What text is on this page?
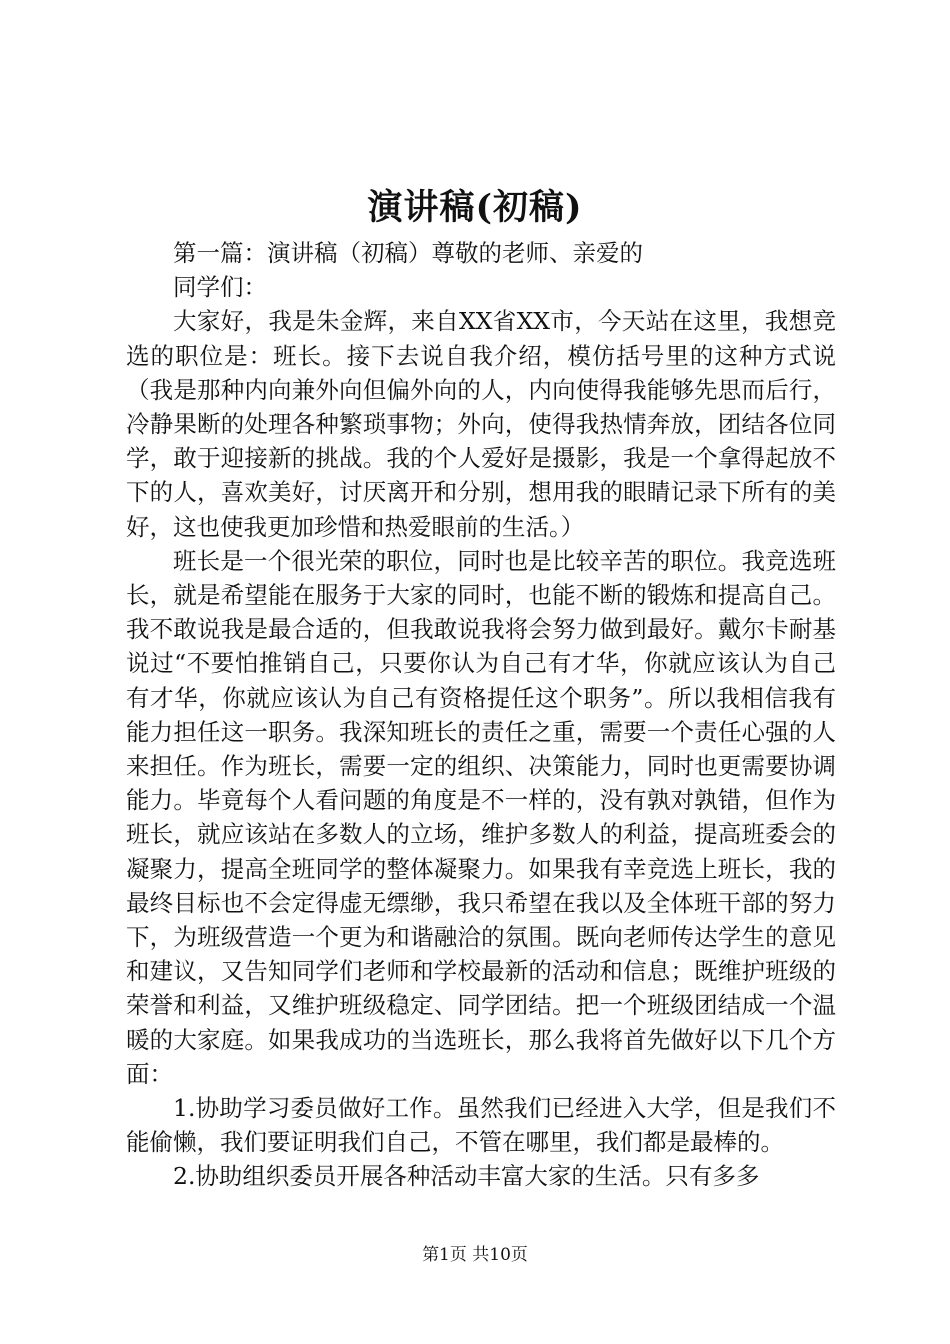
演讲稿(初稿)

第一篇：演讲稿（初稿）尊敬的老师、亲爱的

同学们：

大家好，我是朱金辉，来自XX省XX市，今天站在这里，我想竞选的职位是：班长。接下去说自我介绍，模仿括号里的这种方式说（我是那种内向兼外向但偏外向的人，内向使得我能够先思而后行，冷静果断的处理各种繁琐事物；外向，使得我热情奔放，团结各位同学，敢于迎接新的挑战。我的个人爱好是摄影，我是一个拿得起放不下的人，喜欢美好，讨厌离开和分别，想用我的眼睛记录下所有的美好，这也使我更加珍惜和热爱眼前的生活。）

班长是一个很光荣的职位，同时也是比较辛苦的职位。我竞选班长，就是希望能在服务于大家的同时，也能不断的锻炼和提高自己。我不敢说我是最合适的，但我敢说我将会努力做到最好。戴尔卡耐基说过“不要怕推销自己，只要你认为自己有才华，你就应该认为自己有才华，你就应该认为自己有资格提任这个职务”。所以我相信我有能力担任这一职务。我深知班长的责任之重，需要一个责任心强的人来担任。作为班长，需要一定的组织、决策能力，同时也更需要协调能力。毕竟每个人看问题的角度是不一样的，没有孰对孰错，但作为班长，就应该站在多数人的立场，维护多数人的利益，提高班委会的凝聚力，提高全班同学的整体凝聚力。如果我有幸竞选上班长，我的最终目标也不会定得虚无缥缈，我只希望在我以及全体班干部的努力下，为班级营造一个更为和谐融洽的氛围。既向老师传达学生的意见和建议，又告知同学们老师和学校最新的活动和信息；既维护班级的荣誉和利益，又维护班级稳定、同学团结。把一个班级团结成一个温暖的大家庭。如果我成功的当选班长，那么我将首先做好以下几个方面：

1.协助学习委员做好工作。虽然我们已经进入大学，但是我们不能偷懒，我们要证明我们自己，不管在哪里，我们都是最棒的。

2.协助组织委员开展各种活动丰富大家的生活。只有多多

第1页 共10页
